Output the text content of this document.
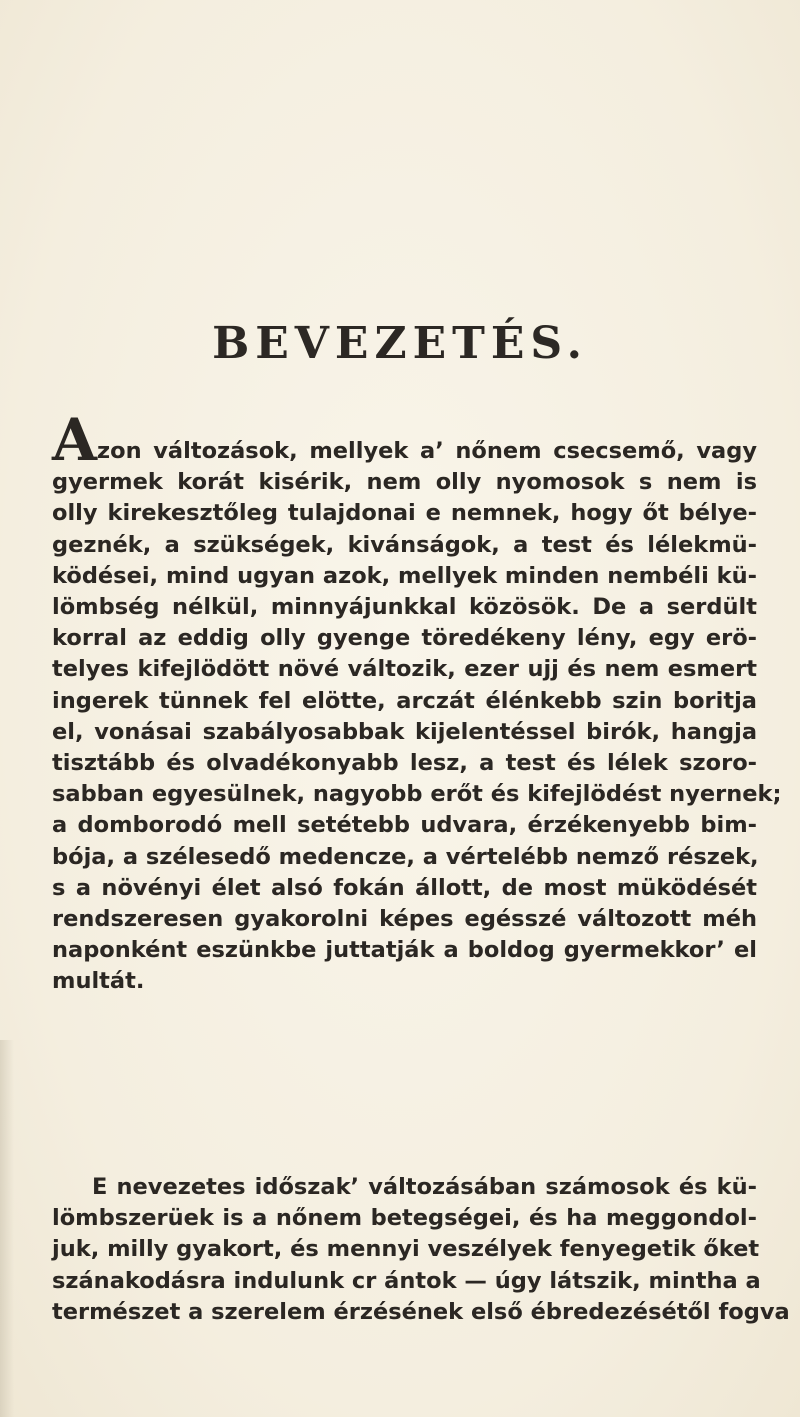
BEVEZETÉS.
Azon változások, mellyek a’ nőnem csecsemő, vagy
gyermek korát kisérik, nem olly nyomosok s nem is
olly kirekesztőleg tulajdonai e nemnek, hogy őt bélye-
geznék, a szükségek, kivánságok, a test és lélekmü-
ködései, mind ugyan azok, mellyek minden nembéli kü-
lömbség nélkül, minnyájunkkal közösök. De a serdült
korral az eddig olly gyenge töredékeny lény, egy erö-
telyes kifejlödött növé változik, ezer ujj és nem esmert
ingerek tünnek fel elötte, arczát élénkebb szin boritja
el, vonásai szabályosabbak kijelentéssel birók, hangja
tisztább és olvadékonyabb lesz, a test és lélek szoro-
sabban egyesülnek, nagyobb erőt és kifejlödést nyernek;
a domborodó mell setétebb udvara, érzékenyebb bim-
bója, a szélesedő medencze, a vértelébb nemző részek,
s a növényi élet alsó fokán állott, de most müködését
rendszeresen gyakorolni képes egésszé változott méh
naponként eszünkbe juttatják a boldog gyermekkor’ el
multát.
E nevezetes időszak’ változásában számosok és kü-
lömbszerüek is a nőnem betegségei, és ha meggondol-
juk, milly gyakort, és mennyi veszélyek fenyegetik őket
szánakodásra indulunk cr ántok — úgy látszik, mintha a
természet a szerelem érzésének első ébredezésétől fogva
